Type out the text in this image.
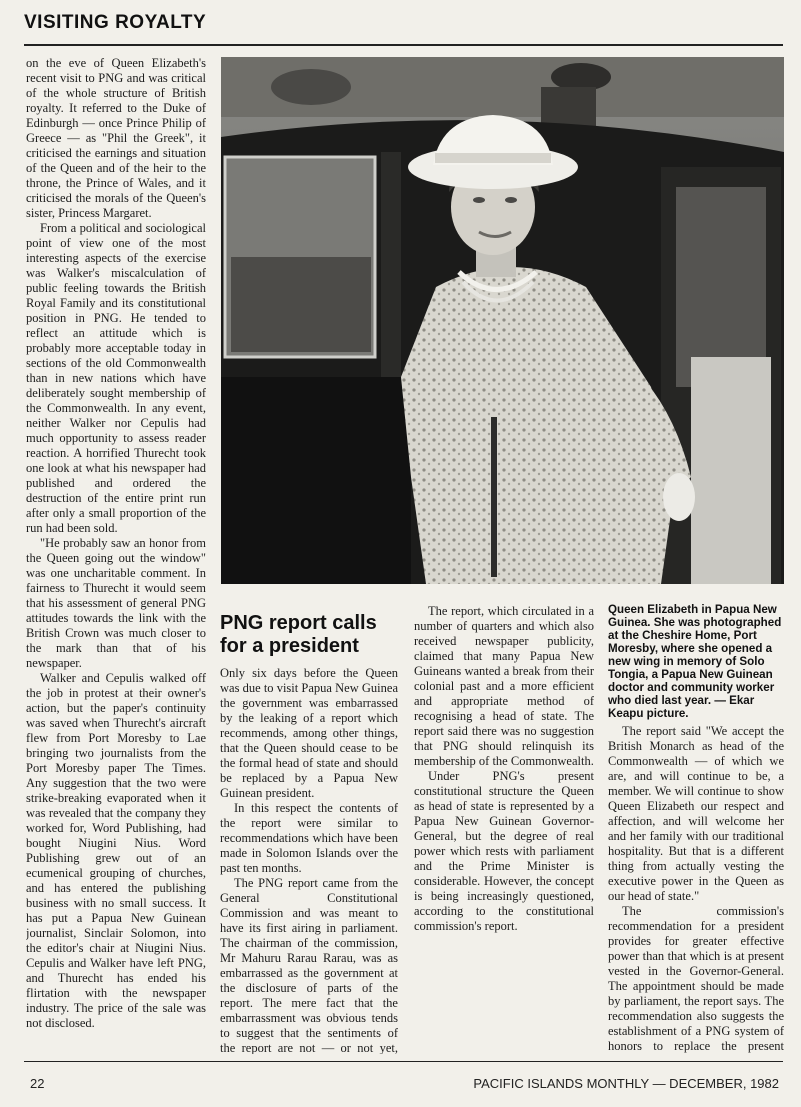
VISITING ROYALTY

on the eve of Queen Elizabeth's recent visit to PNG and was critical of the whole structure of British royalty. It referred to the Duke of Edinburgh — once Prince Philip of Greece — as "Phil the Greek", it criticised the earnings and situation of the Queen and of the heir to the throne, the Prince of Wales, and it criticised the morals of the Queen's sister, Princess Margaret.

From a political and sociological point of view one of the most interesting aspects of the exercise was Walker's miscalculation of public feeling towards the British Royal Family and its constitutional position in PNG. He tended to reflect an attitude which is probably more acceptable today in sections of the old Commonwealth than in new nations which have deliberately sought membership of the Commonwealth. In any event, neither Walker nor Cepulis had much opportunity to assess reader reaction. A horrified Thurecht took one look at what his newspaper had published and ordered the destruction of the entire print run after only a small proportion of the run had been sold.

"He probably saw an honor from the Queen going out the window" was one uncharitable comment. In fairness to Thurecht it would seem that his assessment of general PNG attitudes towards the link with the British Crown was much closer to the mark than that of his newspaper.

Walker and Cepulis walked off the job in protest at their owner's action, but the paper's continuity was saved when Thurecht's aircraft flew from Port Moresby to Lae bringing two journalists from the Port Moresby paper The Times. Any suggestion that the two were strike-breaking evaporated when it was revealed that the company they worked for, Word Publishing, had bought Niugini Nius. Word Publishing grew out of an ecumenical grouping of churches, and has entered the publishing business with no small success. It has put a Papua New Guinean journalist, Sinclair Solomon, into the editor's chair at Niugini Nius. Cepulis and Walker have left PNG, and Thurecht has ended his flirtation with the newspaper industry. The price of the sale was not disclosed.

PNG report calls for a president

Only six days before the Queen was due to visit Papua New Guinea the government was embarrassed by the leaking of a report which recommends, among other things, that the Queen should cease to be the formal head of state and should be replaced by a Papua New Guinean president.

In this respect the contents of the report were similar to recommendations which have been made in Solomon Islands over the past ten months.

The PNG report came from the General Constitutional Commission and was meant to have its first airing in parliament. The chairman of the commission, Mr Mahuru Rarau Rarau, was as embarrassed as the government at the disclosure of parts of the report. The mere fact that the embarrassment was obvious tends to suggest that the sentiments of the report are not — or not yet,

The report, which circulated in a number of quarters and which also received newspaper publicity, claimed that many Papua New Guineans wanted a break from their colonial past and a more efficient and appropriate method of recognising a head of state. The report said there was no suggestion that PNG should relinquish its membership of the Commonwealth.

Under PNG's present constitutional structure the Queen as head of state is represented by a Papua New Guinean Governor-General, but the degree of real power which rests with parliament and the Prime Minister is considerable. However, the concept is being increasingly questioned, according to the constitutional commission's report.

Queen Elizabeth in Papua New Guinea. She was photographed at the Cheshire Home, Port Moresby, where she opened a new wing in memory of Solo Tongia, a Papua New Guinean doctor and community worker who died last year. — Ekar Keapu picture.

The report said "We accept the British Monarch as head of the Commonwealth — of which we are, and will continue to be, a member. We will continue to show Queen Elizabeth our respect and affection, and will welcome her and her family with our traditional hospitality. But that is a different thing from actually vesting the executive power in the Queen as our head of state."

The commission's recommendation for a president provides for greater effective power than that which is at present vested in the Governor-General. The appointment should be made by parliament, the report says. The recommendation also suggests the establishment of a PNG system of honors to replace the present

22	PACIFIC ISLANDS MONTHLY — DECEMBER, 1982
